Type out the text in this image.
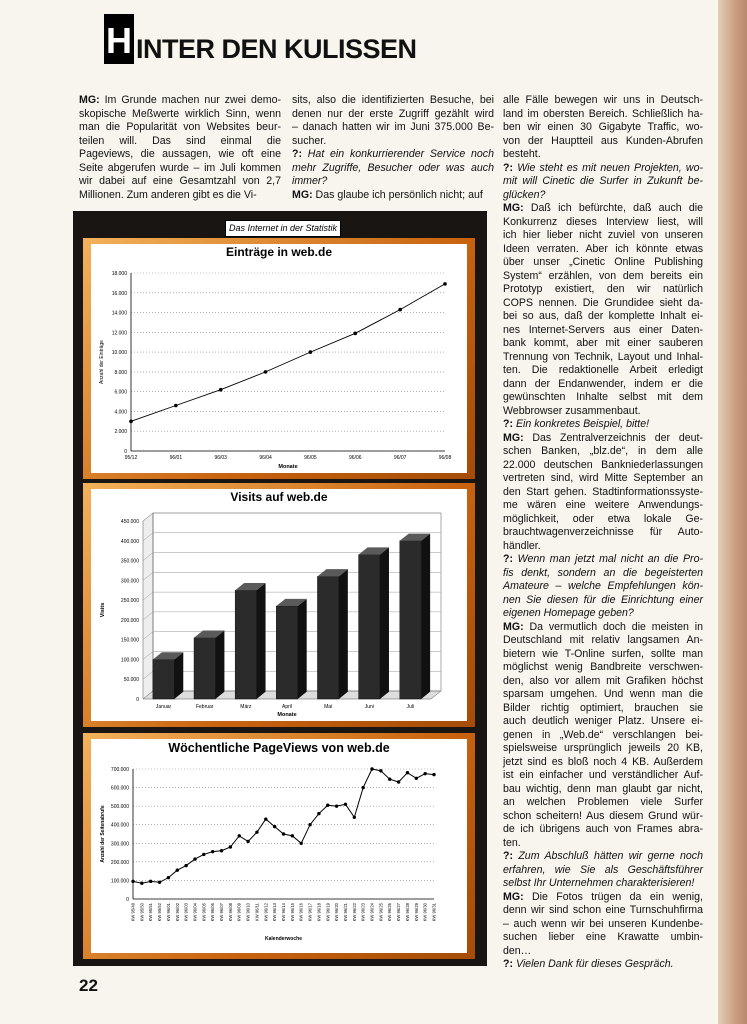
H INTER DEN KULISSEN
MG: Im Grunde machen nur zwei demo-
skopische Meßwerte wirklich Sinn, wenn
man die Popularität von Websites beur-
teilen will. Das sind einmal die
Pageviews, die aussagen, wie oft eine
Seite abgerufen wurde – im Juli kommen
wir dabei auf eine Gesamtzahl von 2,7
Millionen. Zum anderen gibt es die Vi-
sits, also die identifizierten Besuche, bei
denen nur der erste Zugriff gezählt wird
– danach hatten wir im Juni 375.000 Be-
sucher.
?: Hat ein konkurrierender Service noch
mehr Zugriffe, Besucher oder was auch
immer?
MG: Das glaube ich persönlich nicht; auf
alle Fälle bewegen wir uns in Deutsch-
land im obersten Bereich. Schließlich ha-
ben wir einen 30 Gigabyte Traffic, wo-
von der Hauptteil aus Kunden-Abrufen
besteht.
?: Wie steht es mit neuen Projekten, wo-
mit will Cinetic die Surfer in Zukunft be-
glücken?
MG: Daß ich befürchte, daß auch die
Konkurrenz dieses Interview liest, will
ich hier lieber nicht zuviel von unseren
Ideen verraten. Aber ich könnte etwas
über unser „Cinetic Online Publishing
System“ erzählen, von dem bereits ein
Prototyp existiert, den wir natürlich
COPS nennen. Die Grundidee sieht da-
bei so aus, daß der komplette Inhalt ei-
nes Internet-Servers aus einer Daten-
bank kommt, aber mit einer sauberen
Trennung von Technik, Layout und Inhal-
ten. Die redaktionelle Arbeit erledigt
dann der Endanwender, indem er die
gewünschten Inhalte selbst mit dem
Webbrowser zusammenbaut.
?: Ein konkretes Beispiel, bitte!
MG: Das Zentralverzeichnis der deut-
schen Banken, „blz.de“, in dem alle
22.000 deutschen Bankniederlassungen
vertreten sind, wird Mitte September an
den Start gehen. Stadtinformationssyste-
me wären eine weitere Anwendungs-
möglichkeit, oder etwa lokale Ge-
brauchtwagenverzeichnisse für Auto-
händler.
?: Wenn man jetzt mal nicht an die Pro-
fis denkt, sondern an die begeisterten
Amateure – welche Empfehlungen kön-
nen Sie diesen für die Einrichtung einer
eigenen Homepage geben?
MG: Da vermutlich doch die meisten in
Deutschland mit relativ langsamen An-
bietern wie T-Online surfen, sollte man
möglichst wenig Bandbreite verschwen-
den, also vor allem mit Grafiken höchst
sparsam umgehen. Und wenn man die
Bilder richtig optimiert, brauchen sie
auch deutlich weniger Platz. Unsere ei-
genen in „Web.de“ verschlangen bei-
spielsweise ursprünglich jeweils 20 KB,
jetzt sind es bloß noch 4 KB. Außerdem
ist ein einfacher und verständlicher Auf-
bau wichtig, denn man glaubt gar nicht,
an welchen Problemen viele Surfer
schon scheitern! Aus diesem Grund wür-
de ich übrigens auch von Frames abra-
ten.
?: Zum Abschluß hätten wir gerne noch
erfahren, wie Sie als Geschäftsführer
selbst Ihr Unternehmen charakterisieren!
MG: Die Fotos trügen da ein wenig,
denn wir sind schon eine Turnschuhfirma
– auch wenn wir bei unseren Kundenbe-
suchen lieber eine Krawatte umbin-
den…
?: Vielen Dank für dieses Gespräch.
Das Internet in der Statistik
Einträge in web.de
0
2.000
4.000
6.000
8.000
10.000
12.000
14.000
16.000
18.000
95/12	96/01	96/03	96/04	96/05	96/06	96/07	96/08
Monate
Anzahl der Einträge
Visits auf web.de
0
50.000
100.000
150.000
200.000
250.000
300.000
350.000
400.000
450.000
Januar	Februar	März	April	Mai	Juni	Juli
Monate
Visits
Wöchentliche PageViews von web.de
0
100.000
200.000
300.000
400.000
500.000
600.000
700.000
KW 95/49 KW 95/50 KW 95/51 KW 95/52 KW 96/01 KW 96/02 KW 96/03 KW 96/04 KW 96/05 KW 96/06 KW 96/07 KW 96/08 KW 96/09 KW 96/10 KW 96/11 KW 96/12 KW 96/13 KW 96/14 KW 96/15 KW 96/16 KW 96/17 KW 96/18 KW 96/19 KW 96/20 KW 96/21 KW 96/22 KW 96/23 KW 96/24 KW 96/25 KW 96/26 KW 96/27 KW 96/28 KW 96/29 KW 96/30 KW 96/31
Kalenderwoche
Anzahl der Seitenabrufe
22
